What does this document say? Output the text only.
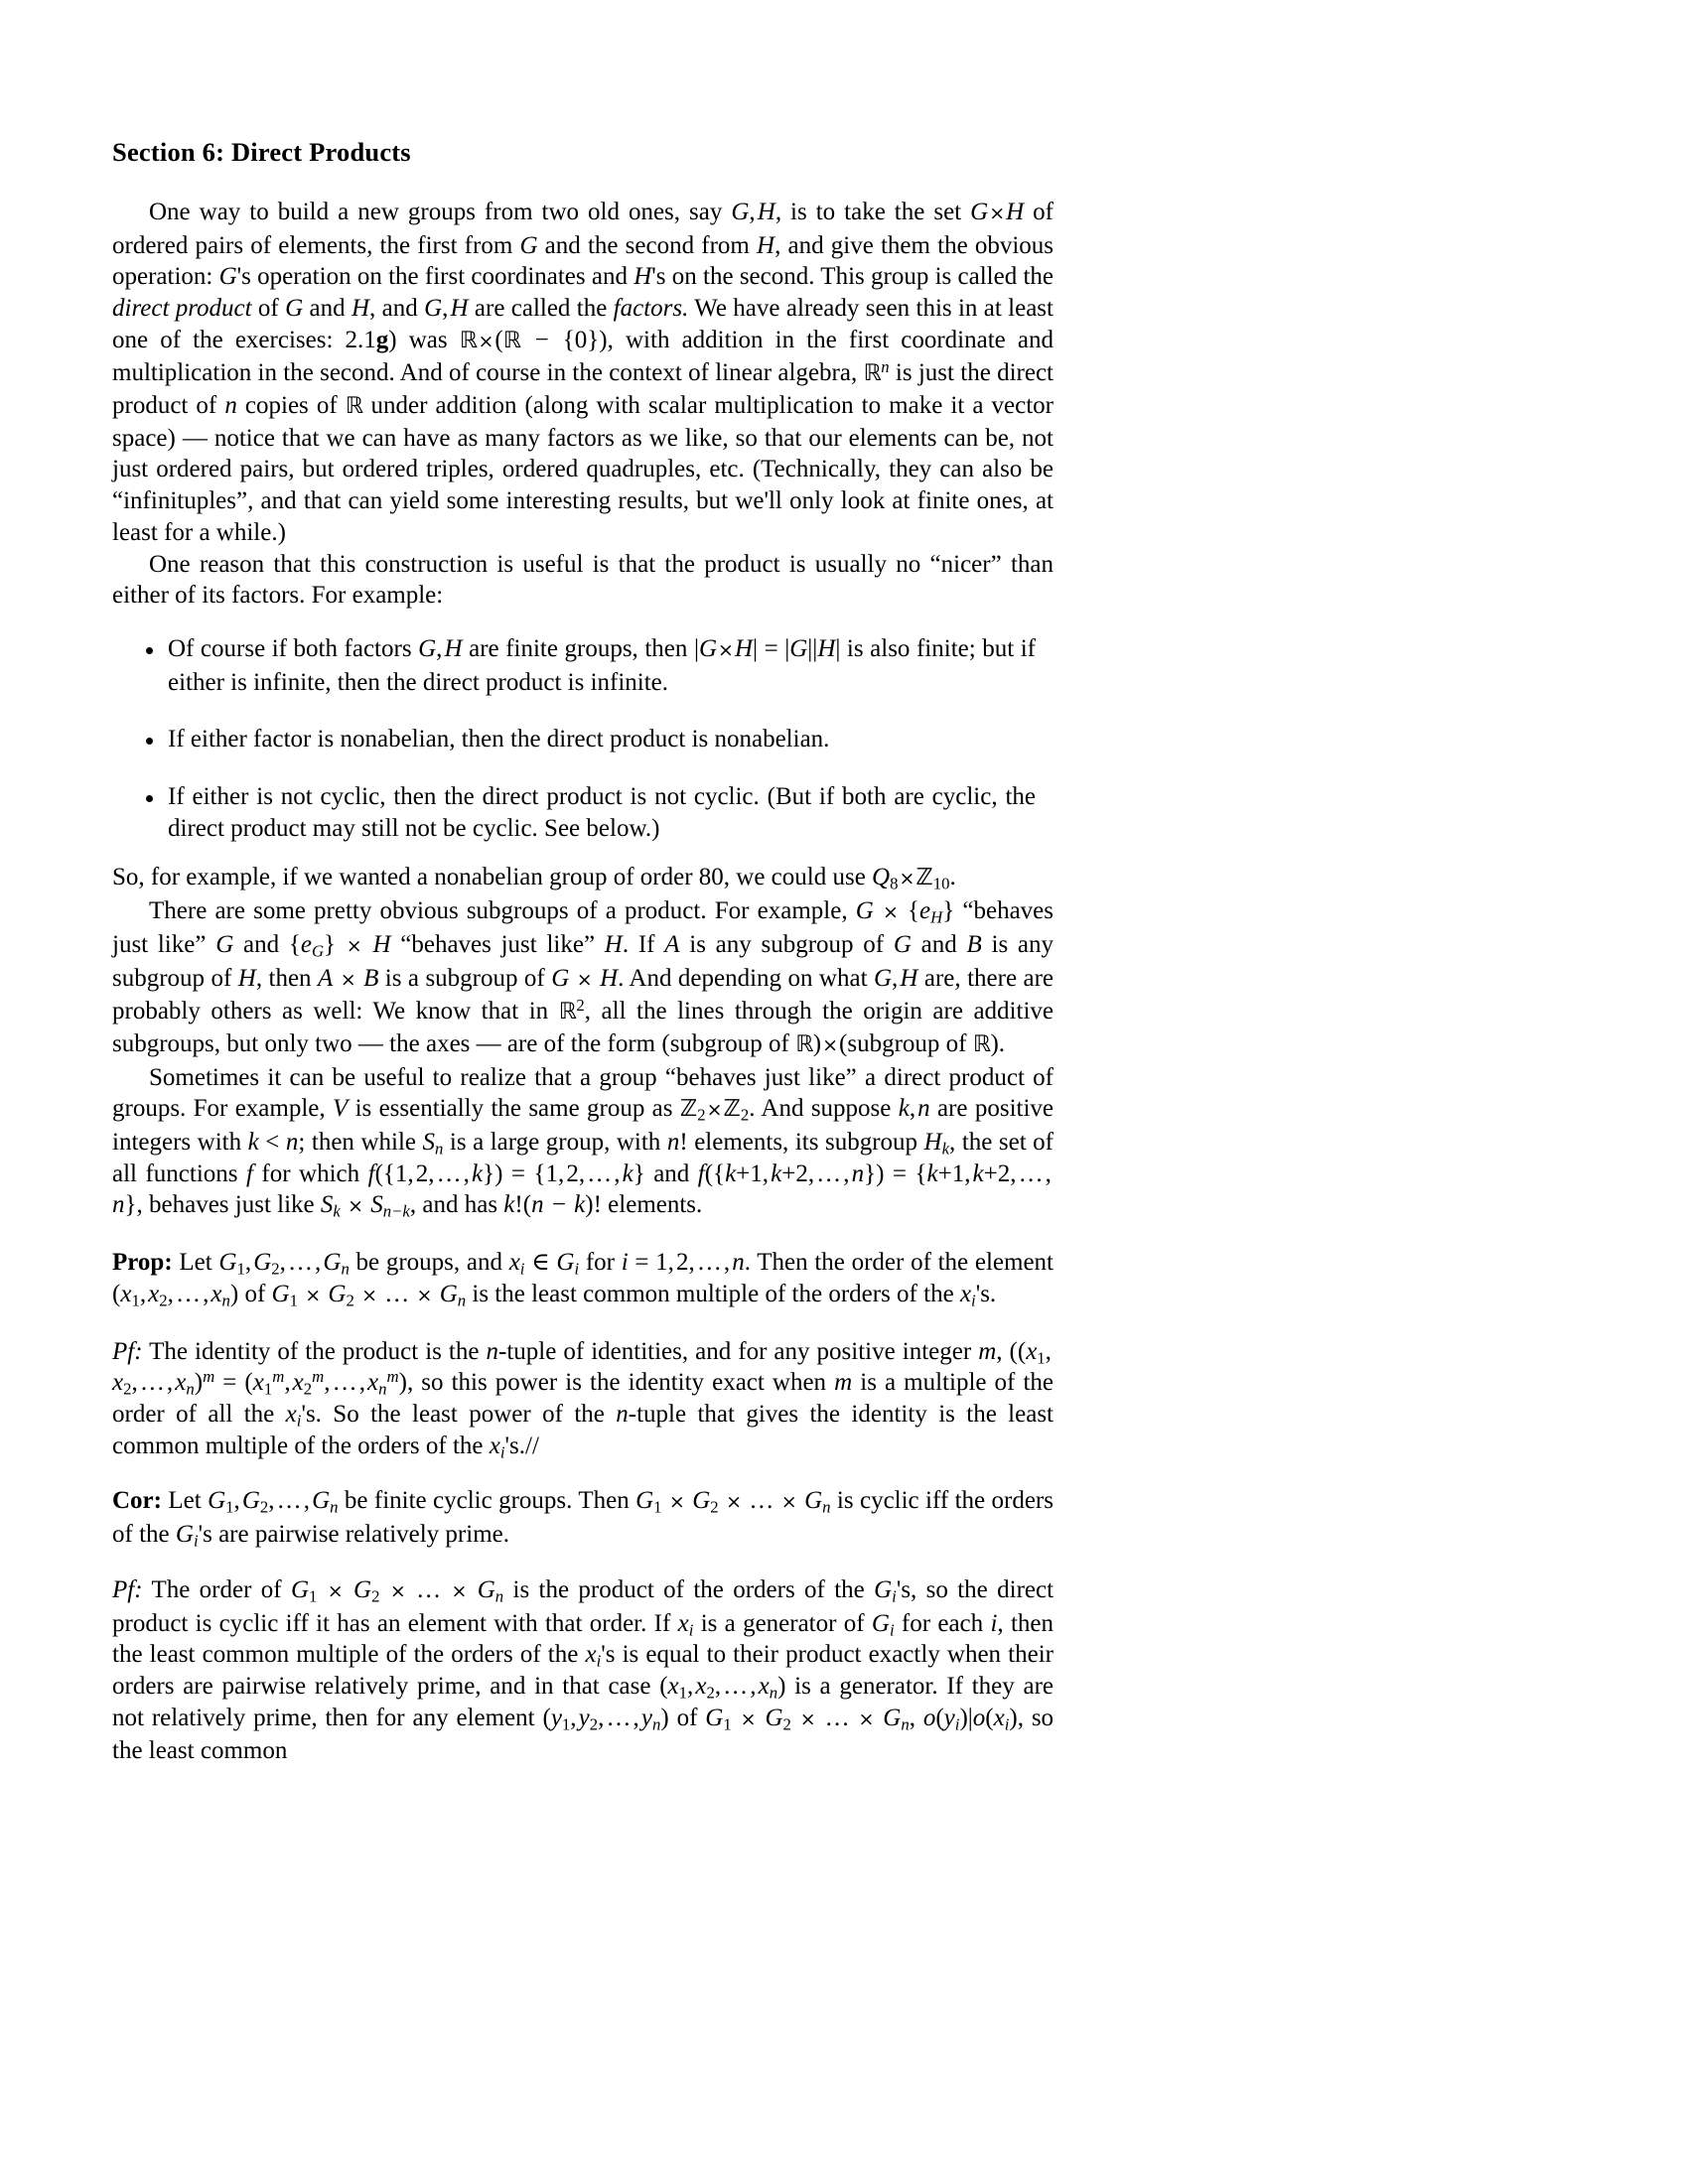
Section 6: Direct Products

One way to build a new groups from two old ones, say G, H, is to take the set G×H of ordered pairs of elements, the first from G and the second from H, and give them the obvious operation: G's operation on the first coordinates and H's on the second. This group is called the direct product of G and H, and G, H are called the factors. We have already seen this in at least one of the exercises: 2.1g) was ℝ×(ℝ − {0}), with addition in the first coordinate and multiplication in the second. And of course in the context of linear algebra, ℝ$^n$ is just the direct product of n copies of ℝ under addition (along with scalar multiplication to make it a vector space) — notice that we can have as many factors as we like, so that our elements can be, not just ordered pairs, but ordered triples, ordered quadruples, etc. (Technically, they can also be “infinituples”, and that can yield some interesting results, but we'll only look at finite ones, at least for a while.)

One reason that this construction is useful is that the product is usually no “nicer” than either of its factors. For example:

Of course if both factors G, H are finite groups, then |G×H| = |G||H| is also finite; but if either is infinite, then the direct product is infinite.
If either factor is nonabelian, then the direct product is nonabelian.
If either is not cyclic, then the direct product is not cyclic. (But if both are cyclic, the direct product may still not be cyclic. See below.)

So, for example, if we wanted a nonabelian group of order 80, we could use $Q_8\times ℤ_{10}$.

There are some pretty obvious subgroups of a product. For example, $G \times \{e_H\}$ “behaves just like” G and $\{e_G\} \times H$ “behaves just like” H. If A is any subgroup of G and B is any subgroup of H, then A × B is a subgroup of G × H. And depending on what G, H are, there are probably others as well: We know that in ℝ$^2$, all the lines through the origin are additive subgroups, but only two — the axes — are of the form (subgroup of ℝ)×(subgroup of ℝ).

Sometimes it can be useful to realize that a group “behaves just like” a direct product of groups. For example, V is essentially the same group as ℤ$_2$×ℤ$_2$. And suppose k, n are positive integers with k < n; then while $S_n$ is a large group, with n! elements, its subgroup $H_k$, the set of all functions f for which f({1, 2, … , k}) = {1, 2, … , k} and f({k+1, k+2, … , n}) = {k+1, k+2, … , n}, behaves just like $S_k \times S_{n-k}$, and has k!(n − k)! elements.

Prop: Let $G_1$, $G_2$, … , $G_n$ be groups, and $x_i$ ∈ $G_i$ for i = 1, 2, … , n. Then the order of the element ($x_1$, $x_2$, … , $x_n$) of $G_1 \times G_2$ × … × $G_n$ is the least common multiple of the orders of the $x_i's$.

Pf: The identity of the product is the n-tuple of identities, and for any positive integer m, (($x_1$, $x_2$, … , $x_n)^m = (x_1^m$, $x_2^m$, … , $x_n^m$), so this power is the identity exact when m is a multiple of the order of all the $x_i's$. So the least power of the n-tuple that gives the identity is the least common multiple of the orders of the $x_i's.//$

Cor: Let $G_1$, $G_2$, … , $G_n$ be finite cyclic groups. Then $G_1 \times G_2$ × … × $G_n$ is cyclic iff the orders of the $G_i's$ are pairwise relatively prime.

Pf: The order of $G_1 \times G_2$ × … × $G_n$ is the product of the orders of the $G_i's$, so the direct product is cyclic iff it has an element with that order. If $x_i$ is a generator of $G_i$ for each i, then the least common multiple of the orders of the $x_i's$ is equal to their product exactly when their orders are pairwise relatively prime, and in that case ($x_1$, $x_2$, … , $x_n$) is a generator. If they are not relatively prime, then for any element ($y_1$, $y_2$, … , $y_n$) of $G_1 \times G_2$ × … × $G_n$, $o(y_i)|o(x_i)$, so the least common
